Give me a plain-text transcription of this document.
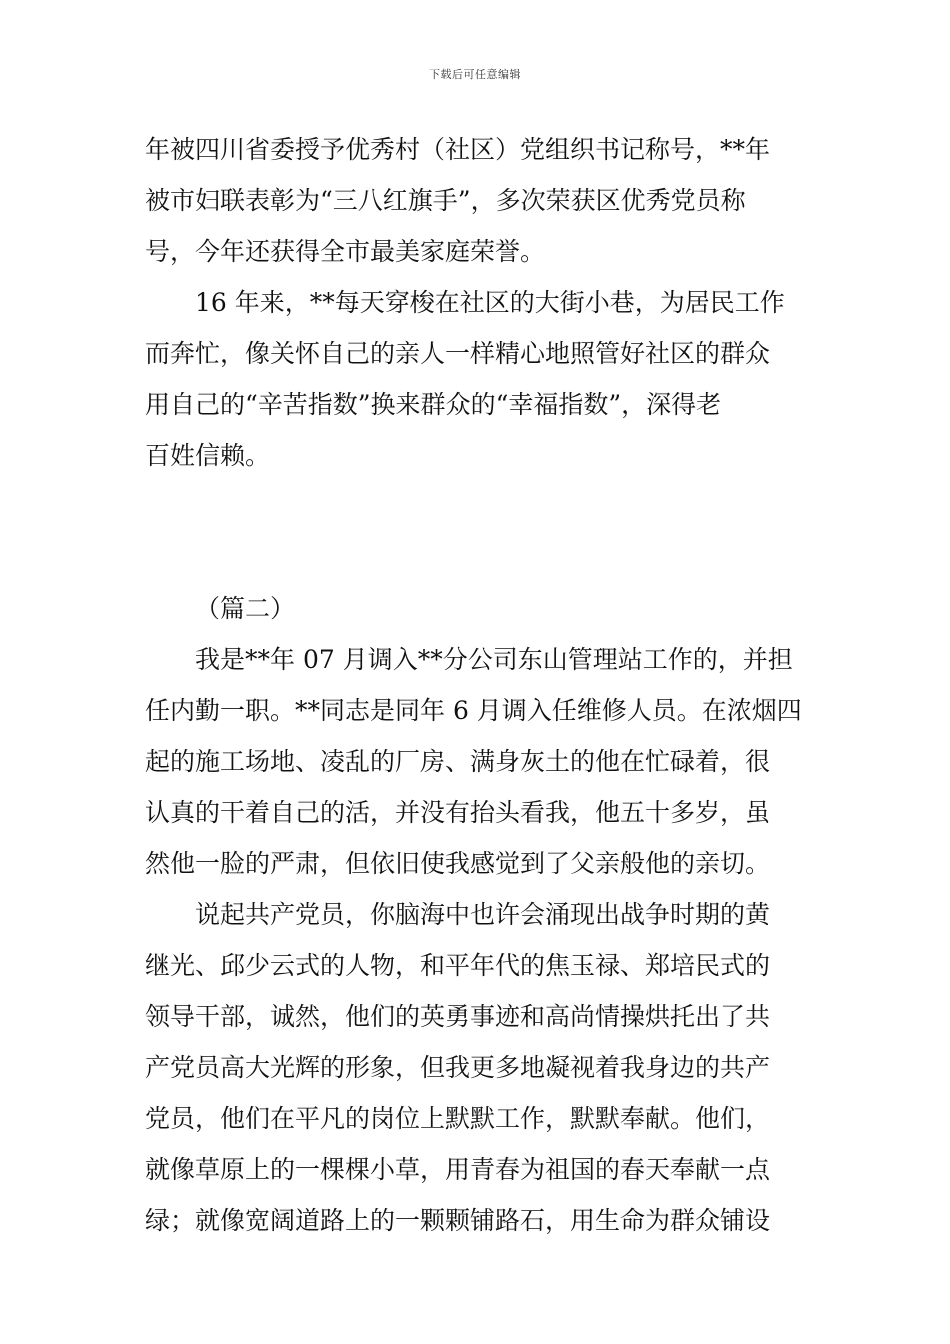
下载后可任意编辑
年被四川省委授予优秀村（社区）党组织书记称号，**年
被市妇联表彰为“三八红旗手”，多次荣获区优秀党员称
号，今年还获得全市最美家庭荣誉。
16 年来，**每天穿梭在社区的大街小巷，为居民工作
而奔忙，像关怀自己的亲人一样精心地照管好社区的群众
用自己的“辛苦指数”换来群众的“幸福指数”，深得老
百姓信赖。
（篇二）
我是**年 07 月调入**分公司东山管理站工作的，并担
任内勤一职。**同志是同年 6 月调入任维修人员。在浓烟四
起的施工场地、凌乱的厂房、满身灰土的他在忙碌着，很
认真的干着自己的活，并没有抬头看我，他五十多岁，虽
然他一脸的严肃，但依旧使我感觉到了父亲般他的亲切。
说起共产党员，你脑海中也许会涌现出战争时期的黄
继光、邱少云式的人物，和平年代的焦玉禄、郑培民式的
领导干部，诚然，他们的英勇事迹和高尚情操烘托出了共
产党员高大光辉的形象，但我更多地凝视着我身边的共产
党员，他们在平凡的岗位上默默工作，默默奉献。他们，
就像草原上的一棵棵小草，用青春为祖国的春天奉献一点
绿；就像宽阔道路上的一颗颗铺路石，用生命为群众铺设
